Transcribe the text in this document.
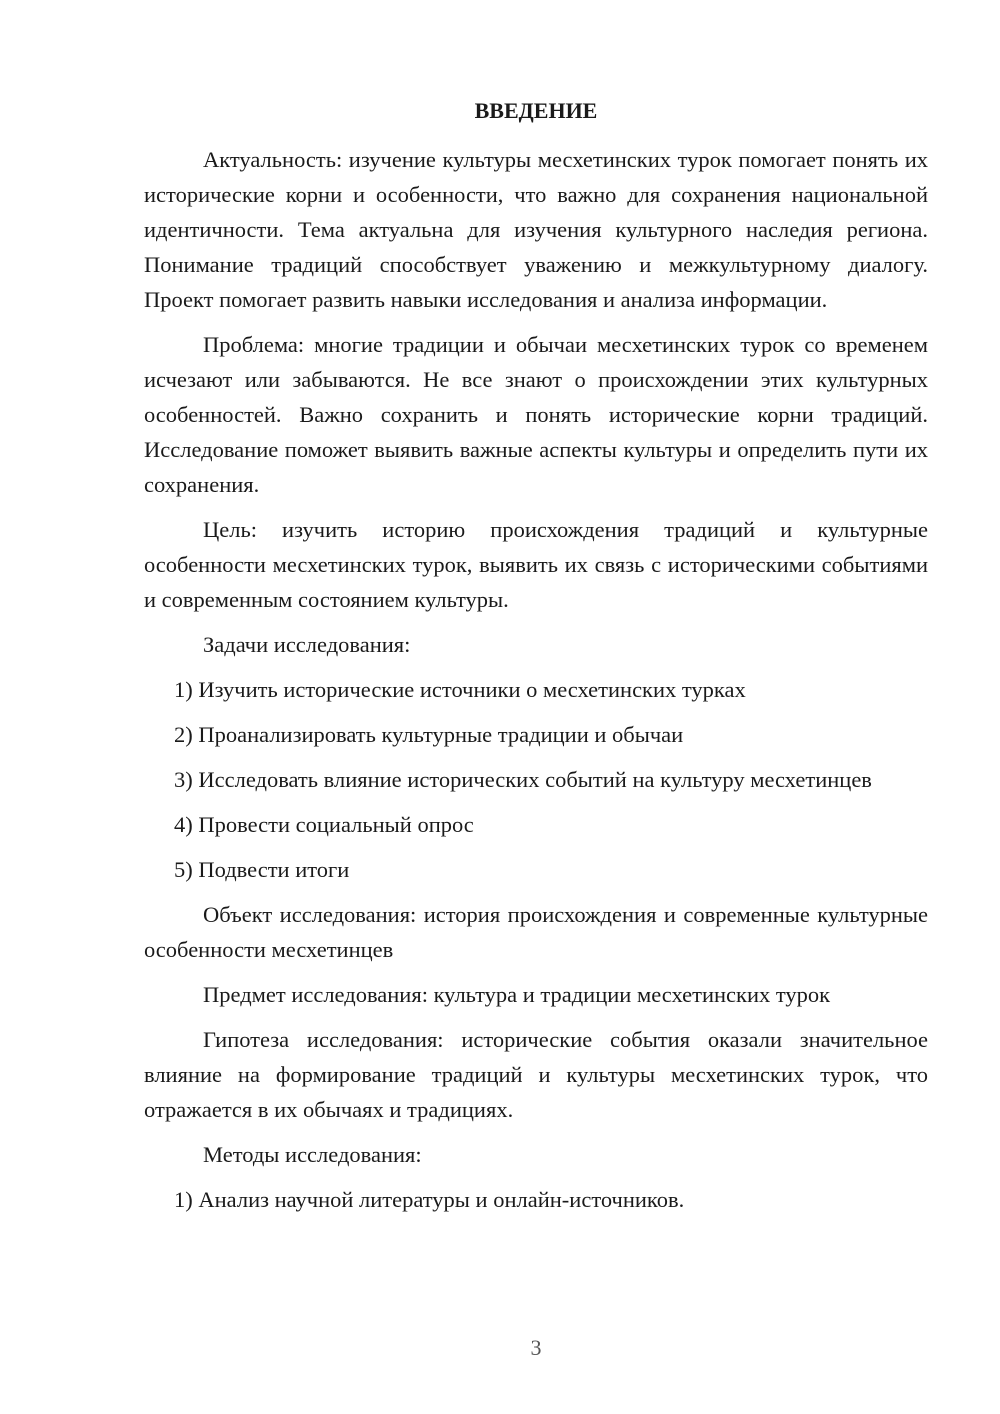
ВВЕДЕНИЕ

Актуальность: изучение культуры месхетинских турок помогает понять их исторические корни и особенности, что важно для сохранения национальной идентичности. Тема актуальна для изучения культурного наследия региона. Понимание традиций способствует уважению и межкультурному диалогу. Проект помогает развить навыки исследования и анализа информации.

Проблема: многие традиции и обычаи месхетинских турок со временем исчезают или забываются. Не все знают о происхождении этих культурных особенностей. Важно сохранить и понять исторические корни традиций. Исследование поможет выявить важные аспекты культуры и определить пути их сохранения.

Цель: изучить историю происхождения традиций и культурные особенности месхетинских турок, выявить их связь с историческими событиями и современным состоянием культуры.

Задачи исследования:

1) Изучить исторические источники о месхетинских турках

2) Проанализировать культурные традиции и обычаи

3) Исследовать влияние исторических событий на культуру месхетинцев

4) Провести социальный опрос

5) Подвести итоги

Объект исследования: история происхождения и современные культурные особенности месхетинцев

Предмет исследования: культура и традиции месхетинских турок

Гипотеза исследования: исторические события оказали значительное влияние на формирование традиций и культуры месхетинских турок, что отражается в их обычаях и традициях.

Методы исследования:

1) Анализ научной литературы и онлайн-источников.

3
